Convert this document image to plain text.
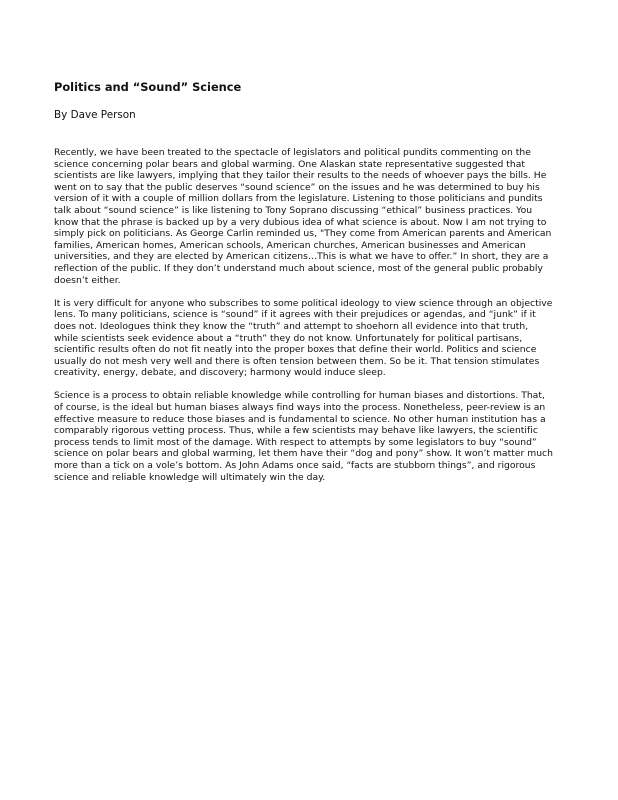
Politics and “Sound” Science
By Dave Person

Recently, we have been treated to the spectacle of legislators and political pundits commenting on the science concerning polar bears and global warming. One Alaskan state representative suggested that scientists are like lawyers, implying that they tailor their results to the needs of whoever pays the bills. He went on to say that the public deserves “sound science” on the issues and he was determined to buy his version of it with a couple of million dollars from the legislature. Listening to those politicians and pundits talk about “sound science” is like listening to Tony Soprano discussing “ethical” business practices. You know that the phrase is backed up by a very dubious idea of what science is about. Now I am not trying to simply pick on politicians. As George Carlin reminded us, "They come from American parents and American families, American homes, American schools, American churches, American businesses and American universities, and they are elected by American citizens…This is what we have to offer.” In short, they are a reflection of the public. If they don’t understand much about science, most of the general public probably doesn’t either.

It is very difficult for anyone who subscribes to some political ideology to view science through an objective lens. To many politicians, science is “sound” if it agrees with their prejudices or agendas, and “junk” if it does not. Ideologues think they know the “truth” and attempt to shoehorn all evidence into that truth, while scientists seek evidence about a “truth” they do not know. Unfortunately for political partisans, scientific results often do not fit neatly into the proper boxes that define their world. Politics and science usually do not mesh very well and there is often tension between them. So be it. That tension stimulates creativity, energy, debate, and discovery; harmony would induce sleep.

Science is a process to obtain reliable knowledge while controlling for human biases and distortions. That, of course, is the ideal but human biases always find ways into the process. Nonetheless, peer-review is an effective measure to reduce those biases and is fundamental to science. No other human institution has a comparably rigorous vetting process. Thus, while a few scientists may behave like lawyers, the scientific process tends to limit most of the damage. With respect to attempts by some legislators to buy “sound” science on polar bears and global warming, let them have their “dog and pony” show. It won’t matter much more than a tick on a vole’s bottom. As John Adams once said, “facts are stubborn things”, and rigorous science and reliable knowledge will ultimately win the day.
